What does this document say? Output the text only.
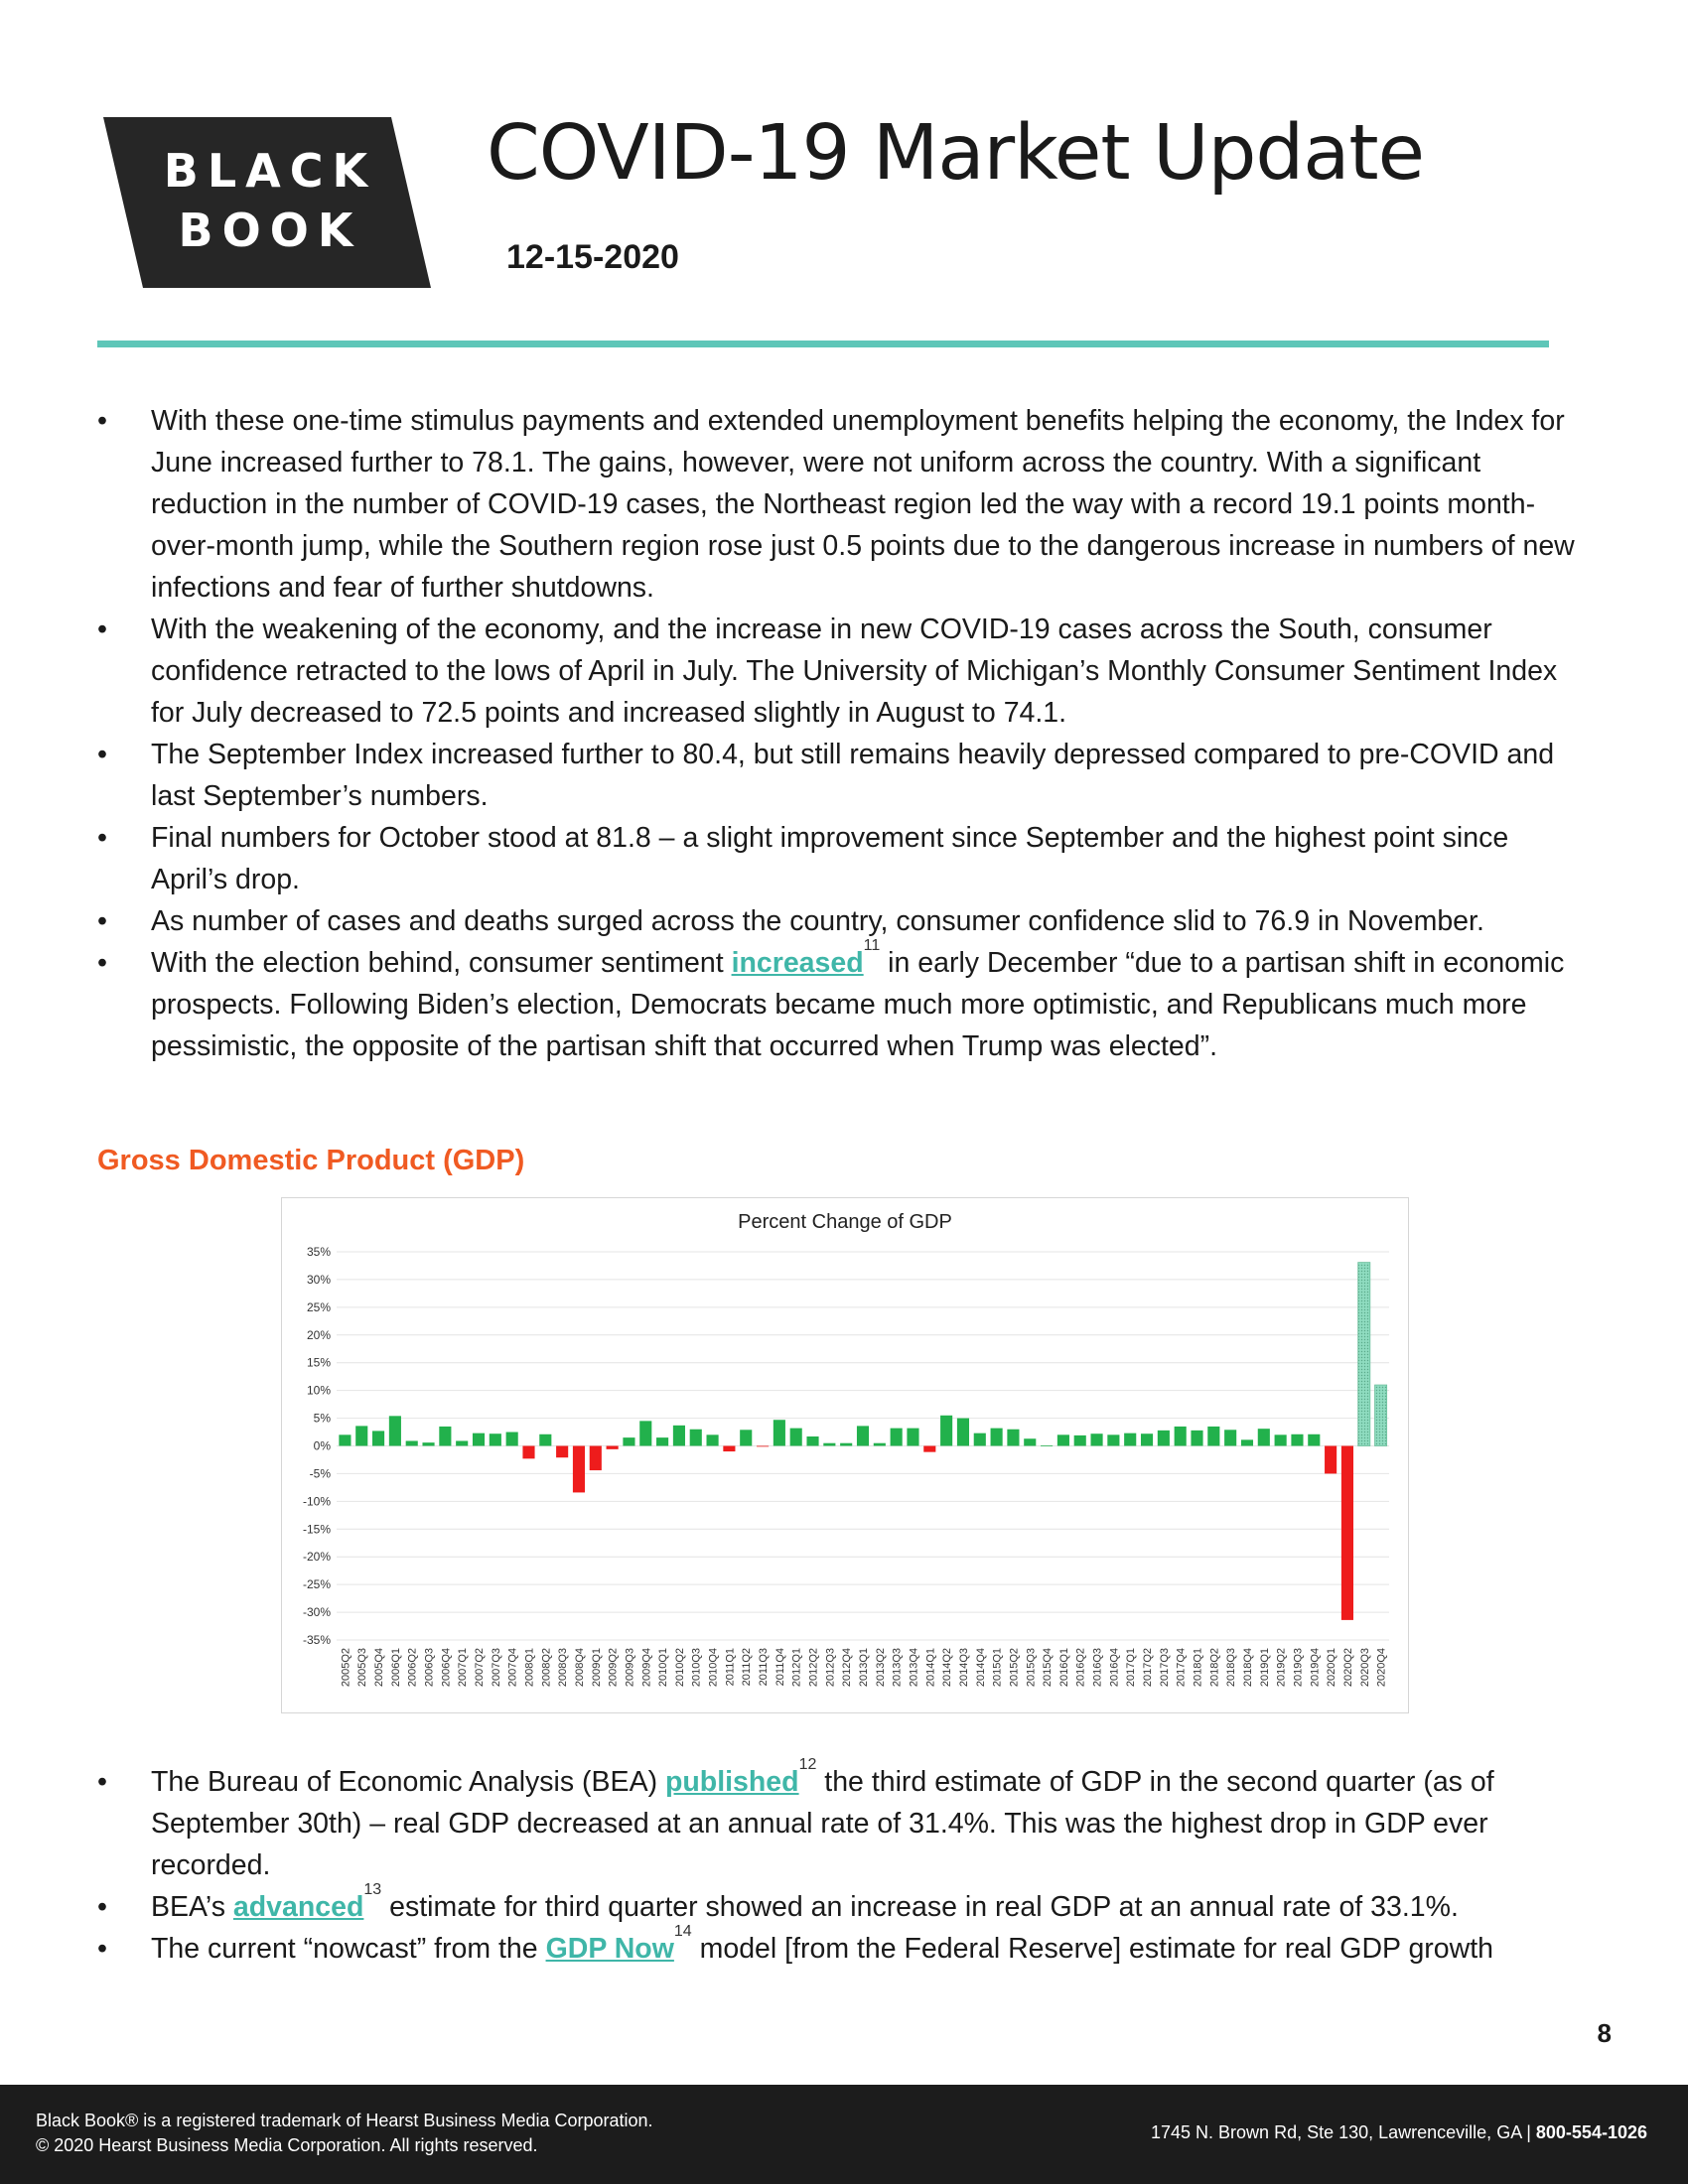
BLACK
BOOK
COVID-19 Market Update
12-15-2020
• With these one-time stimulus payments and extended unemployment benefits helping the economy, the Index for June increased further to 78.1. The gains, however, were not uniform across the country. With a significant reduction in the number of COVID-19 cases, the Northeast region led the way with a record 19.1 points month-over-month jump, while the Southern region rose just 0.5 points due to the dangerous increase in numbers of new infections and fear of further shutdowns.
• With the weakening of the economy, and the increase in new COVID-19 cases across the South, consumer confidence retracted to the lows of April in July. The University of Michigan’s Monthly Consumer Sentiment Index for July decreased to 72.5 points and increased slightly in August to 74.1.
• The September Index increased further to 80.4, but still remains heavily depressed compared to pre-COVID and last September’s numbers.
• Final numbers for October stood at 81.8 – a slight improvement since September and the highest point since April’s drop.
• As number of cases and deaths surged across the country, consumer confidence slid to 76.9 in November.
• With the election behind, consumer sentiment increased$^{11}$ in early December “due to a partisan shift in economic prospects. Following Biden’s election, Democrats became much more optimistic, and Republicans much more pessimistic, the opposite of the partisan shift that occurred when Trump was elected”.
Gross Domestic Product (GDP)
Percent Change of GDP
35%
30%
25%
20%
15%
10%
5%
0%
-5%
-10%
-15%
-20%
-25%
-30%
-35%
2005Q2 2005Q3 2005Q4 2006Q1 2006Q2 2006Q3 2006Q4 2007Q1 2007Q2 2007Q3 2007Q4 2008Q1 2008Q2 2008Q3 2008Q4 2009Q1 2009Q2 2009Q3 2009Q4 2010Q1 2010Q2 2010Q3 2010Q4 2011Q1 2011Q2 2011Q3 2011Q4 2012Q1 2012Q2 2012Q3 2012Q4 2013Q1 2013Q2 2013Q3 2013Q4 2014Q1 2014Q2 2014Q3 2014Q4 2015Q1 2015Q2 2015Q3 2015Q4 2016Q1 2016Q2 2016Q3 2016Q4 2017Q1 2017Q2 2017Q3 2017Q4 2018Q1 2018Q2 2018Q3 2018Q4 2019Q1 2019Q2 2019Q3 2019Q4 2020Q1 2020Q2 2020Q3 2020Q4
• The Bureau of Economic Analysis (BEA) published$^{12}$ the third estimate of GDP in the second quarter (as of September 30th) – real GDP decreased at an annual rate of 31.4%. This was the highest drop in GDP ever recorded.
• BEA’s advanced$^{13}$ estimate for third quarter showed an increase in real GDP at an annual rate of 33.1%.
• The current “nowcast” from the GDP Now$^{14}$ model [from the Federal Reserve] estimate for real GDP growth
8
Black Book® is a registered trademark of Hearst Business Media Corporation.
© 2020 Hearst Business Media Corporation. All rights reserved.
1745 N. Brown Rd, Ste 130, Lawrenceville, GA | 800-554-1026
